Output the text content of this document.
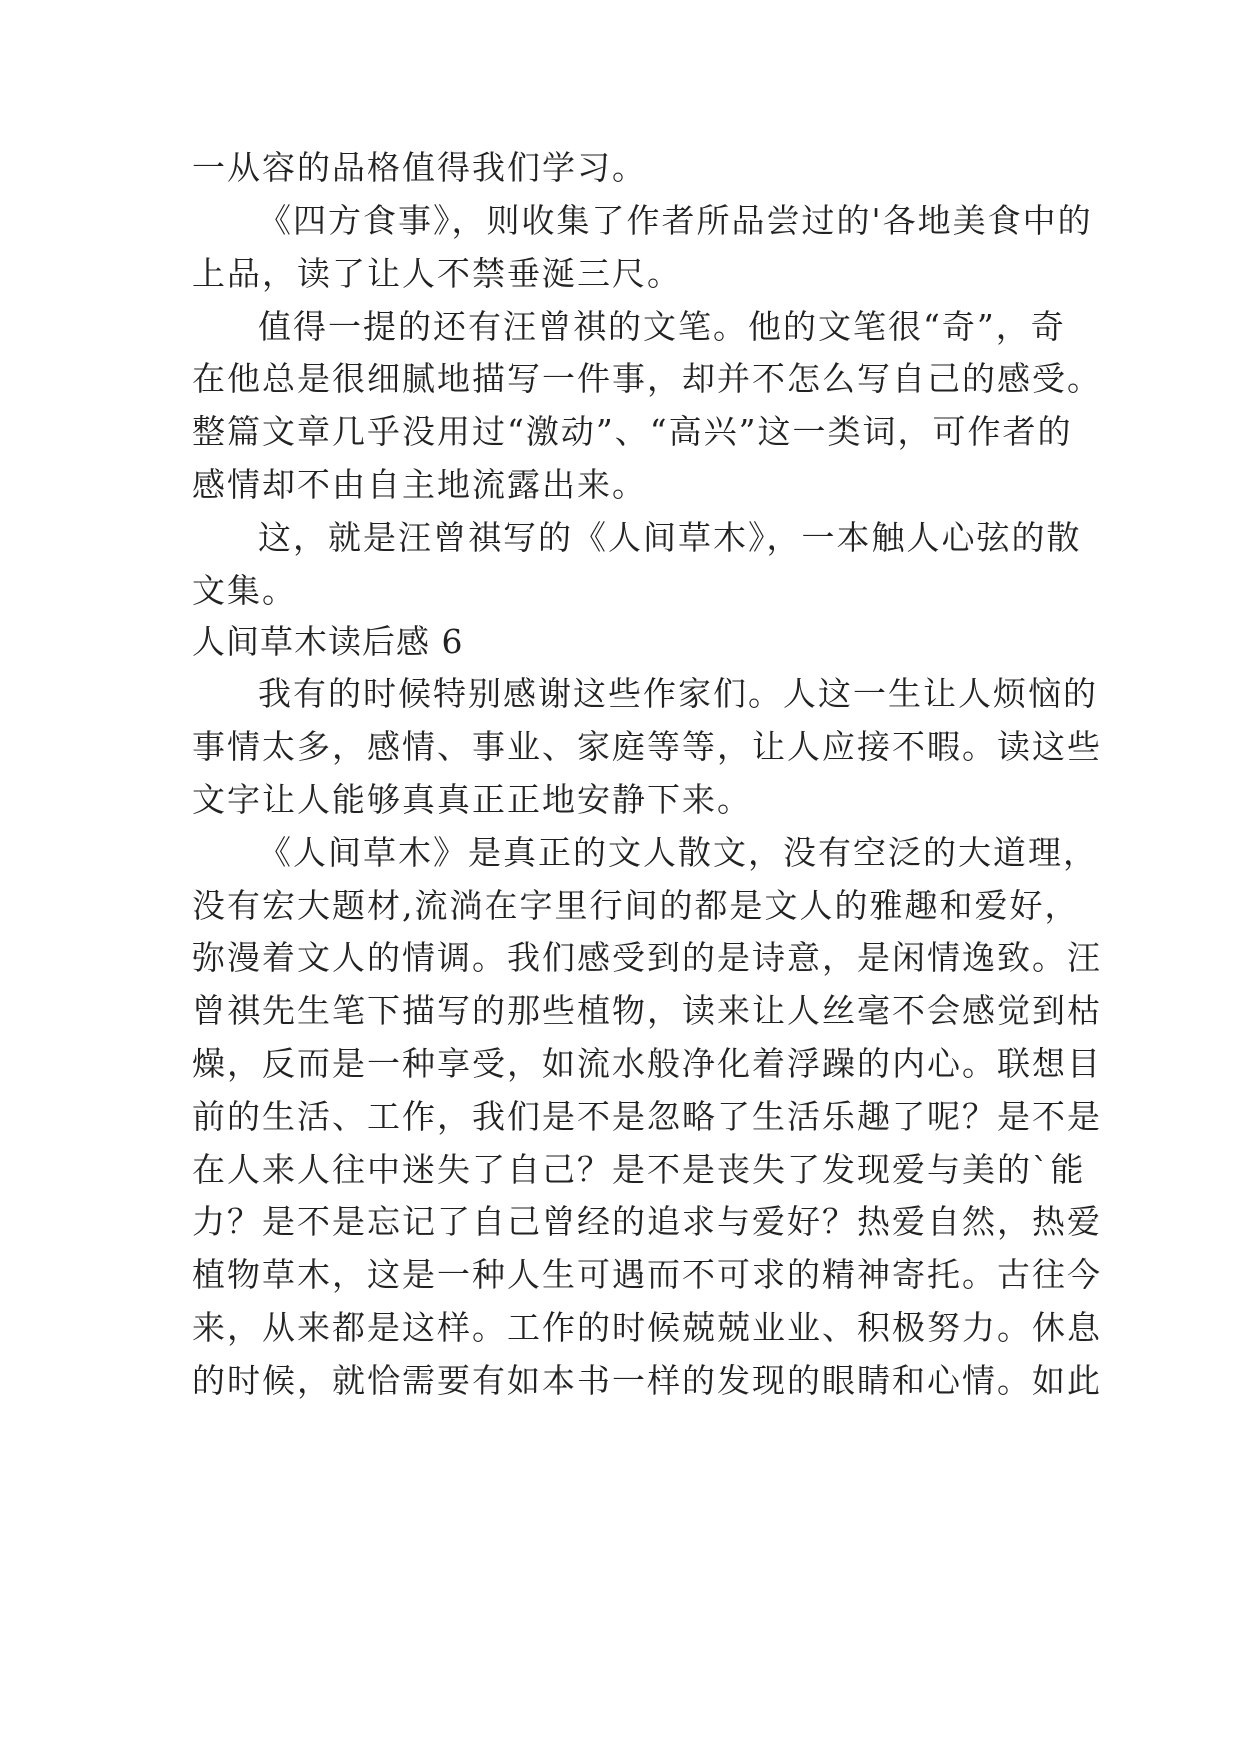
一从容的品格值得我们学习。
《四方食事》，则收集了作者所品尝过的'各地美食中的
上品，读了让人不禁垂涎三尺。
值得一提的还有汪曾祺的文笔。他的文笔很“奇”，奇
在他总是很细腻地描写一件事，却并不怎么写自己的感受。
整篇文章几乎没用过“激动”、“高兴”这一类词，可作者的
感情却不由自主地流露出来。
这，就是汪曾祺写的《人间草木》，一本触人心弦的散
文集。
人间草木读后感 6
我有的时候特别感谢这些作家们。人这一生让人烦恼的
事情太多，感情、事业、家庭等等，让人应接不暇。读这些
文字让人能够真真正正地安静下来。
《人间草木》是真正的文人散文，没有空泛的大道理，
没有宏大题材,流淌在字里行间的都是文人的雅趣和爱好，
弥漫着文人的情调。我们感受到的是诗意，是闲情逸致。汪
曾祺先生笔下描写的那些植物，读来让人丝毫不会感觉到枯
燥，反而是一种享受，如流水般净化着浮躁的内心。联想目
前的生活、工作，我们是不是忽略了生活乐趣了呢？是不是
在人来人往中迷失了自己？是不是丧失了发现爱与美的`能
力？是不是忘记了自己曾经的追求与爱好？热爱自然，热爱
植物草木，这是一种人生可遇而不可求的精神寄托。古往今
来，从来都是这样。工作的时候兢兢业业、积极努力。休息
的时候，就恰需要有如本书一样的发现的眼睛和心情。如此
